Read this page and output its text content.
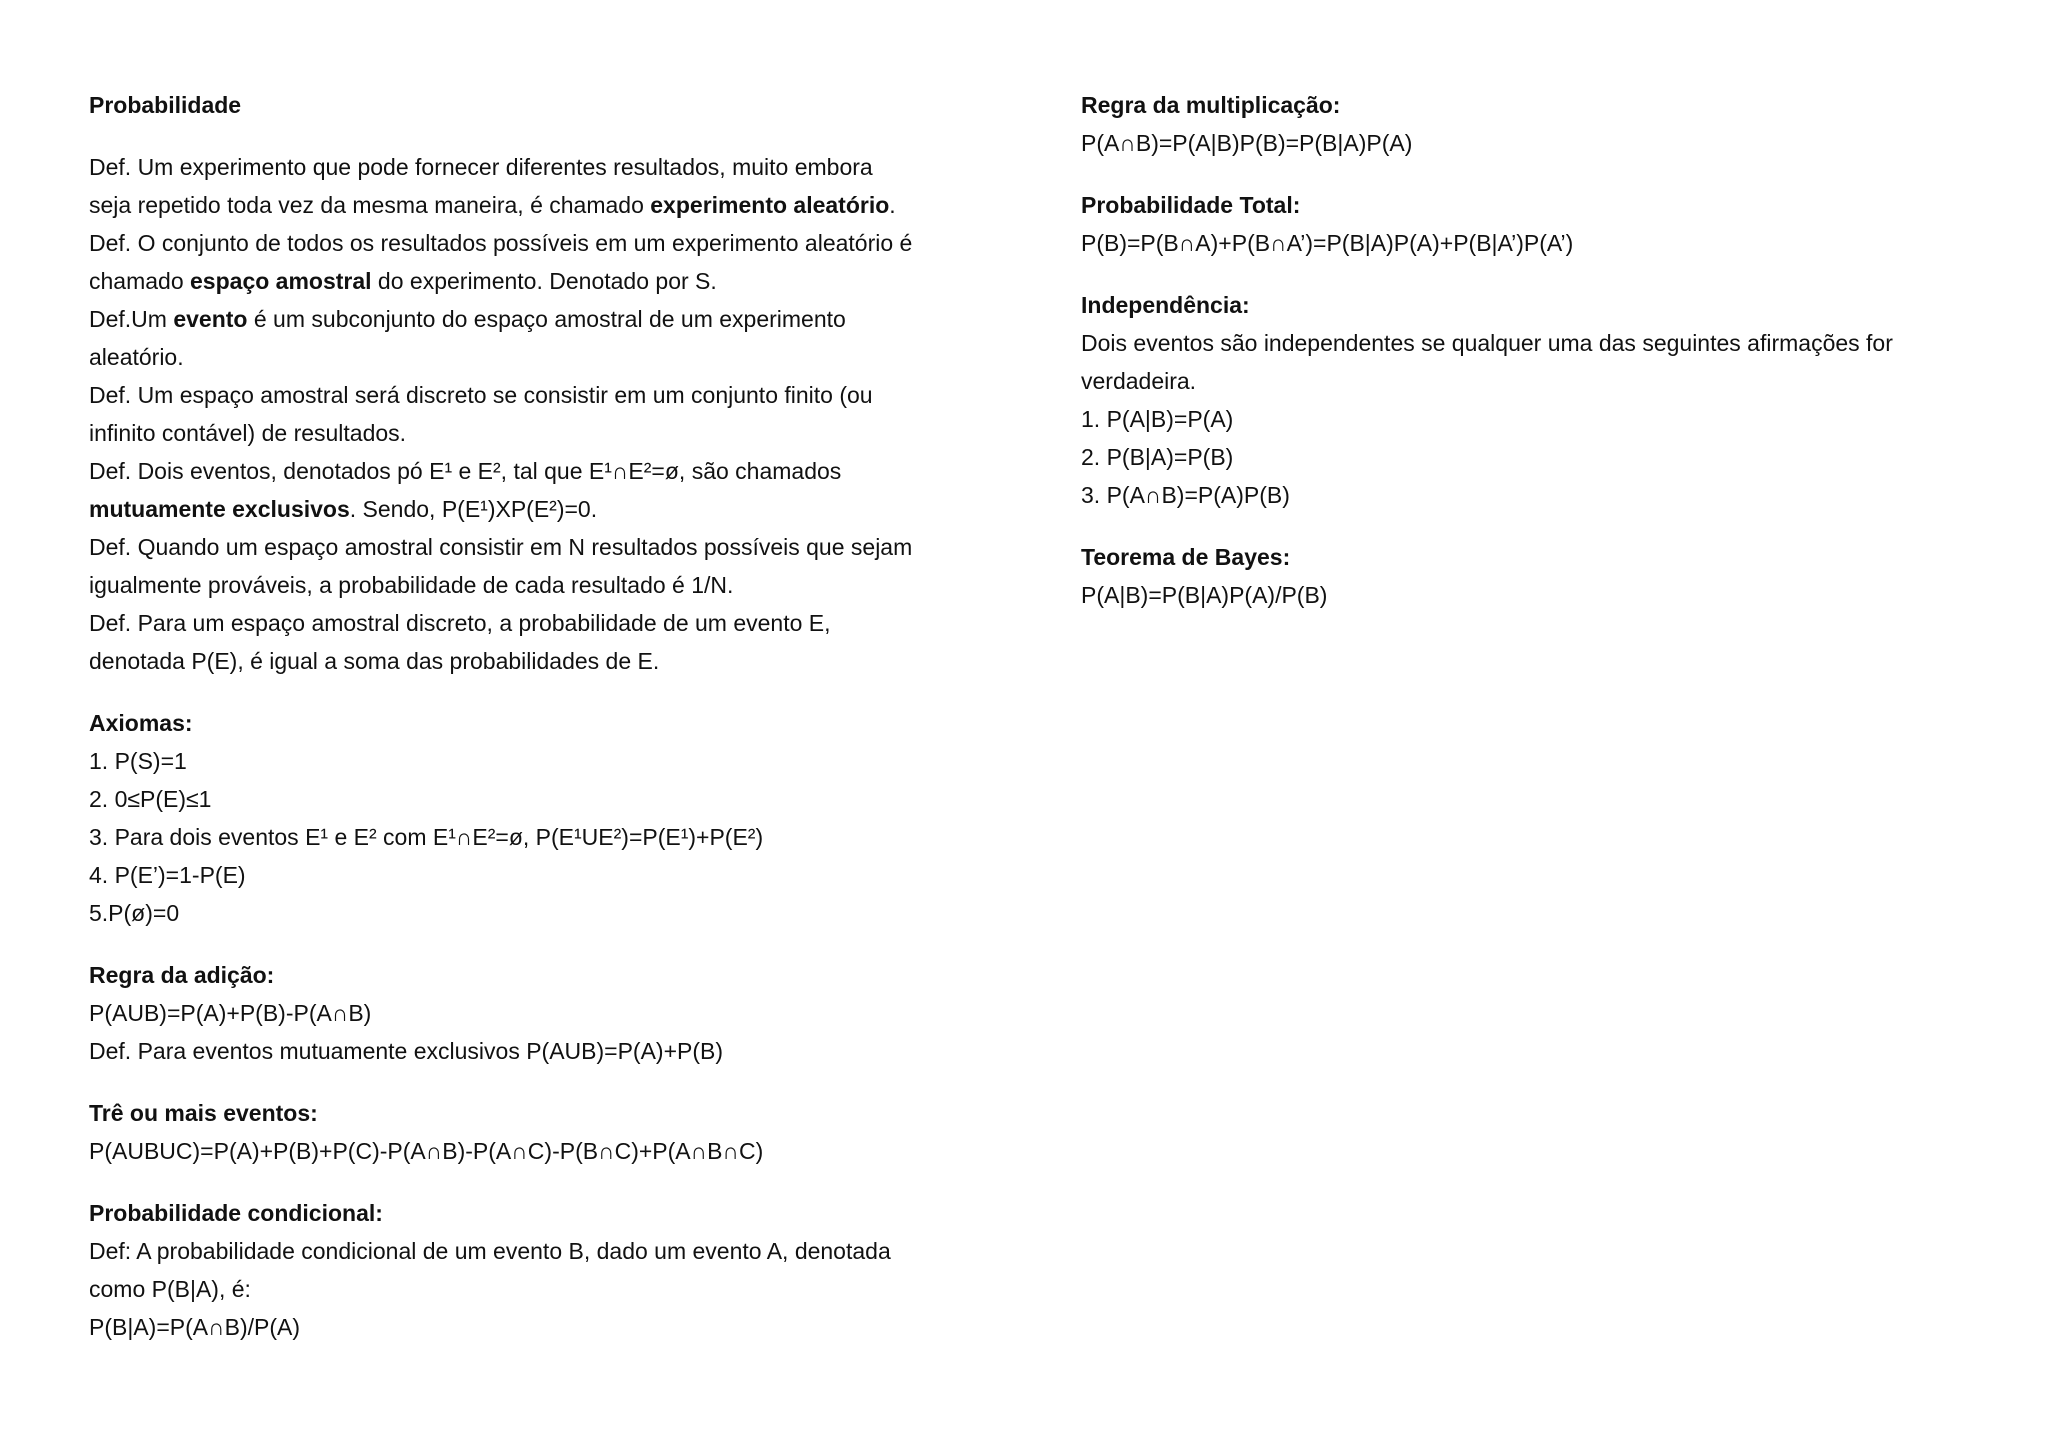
Probabilidade
Def. Um experimento que pode fornecer diferentes resultados, muito embora
seja repetido toda vez da mesma maneira, é chamado experimento aleatório.
Def. O conjunto de todos os resultados possíveis em um experimento aleatório é
chamado espaço amostral do experimento. Denotado por S.
Def.Um evento é um subconjunto do espaço amostral de um experimento
aleatório.
Def. Um espaço amostral será discreto se consistir em um conjunto finito (ou
infinito contável) de resultados.
Def. Dois eventos, denotados pó E¹ e E², tal que E¹∩E²=ø, são chamados
mutuamente exclusivos. Sendo, P(E¹)XP(E²)=0.
Def. Quando um espaço amostral consistir em N resultados possíveis que sejam
igualmente prováveis, a probabilidade de cada resultado é 1/N.
Def. Para um espaço amostral discreto, a probabilidade de um evento E,
denotada P(E), é igual a soma das probabilidades de E.
Axiomas:
1. P(S)=1
2. 0≤P(E)≤1
3. Para dois eventos E¹ e E² com E¹∩E²=ø, P(E¹UE²)=P(E¹)+P(E²)
4. P(E’)=1-P(E)
5.P(ø)=0
Regra da adição:
P(AUB)=P(A)+P(B)-P(A∩B)
Def. Para eventos mutuamente exclusivos P(AUB)=P(A)+P(B)
Trê ou mais eventos:
P(AUBUC)=P(A)+P(B)+P(C)-P(A∩B)-P(A∩C)-P(B∩C)+P(A∩B∩C)
Probabilidade condicional:
Def: A probabilidade condicional de um evento B, dado um evento A, denotada
como P(B|A), é:
P(B|A)=P(A∩B)/P(A)
Regra da multiplicação:
P(A∩B)=P(A|B)P(B)=P(B|A)P(A)
Probabilidade Total:
P(B)=P(B∩A)+P(B∩A’)=P(B|A)P(A)+P(B|A’)P(A’)
Independência:
Dois eventos são independentes se qualquer uma das seguintes afirmações for
verdadeira.
1. P(A|B)=P(A)
2. P(B|A)=P(B)
3. P(A∩B)=P(A)P(B)
Teorema de Bayes:
P(A|B)=P(B|A)P(A)/P(B)
